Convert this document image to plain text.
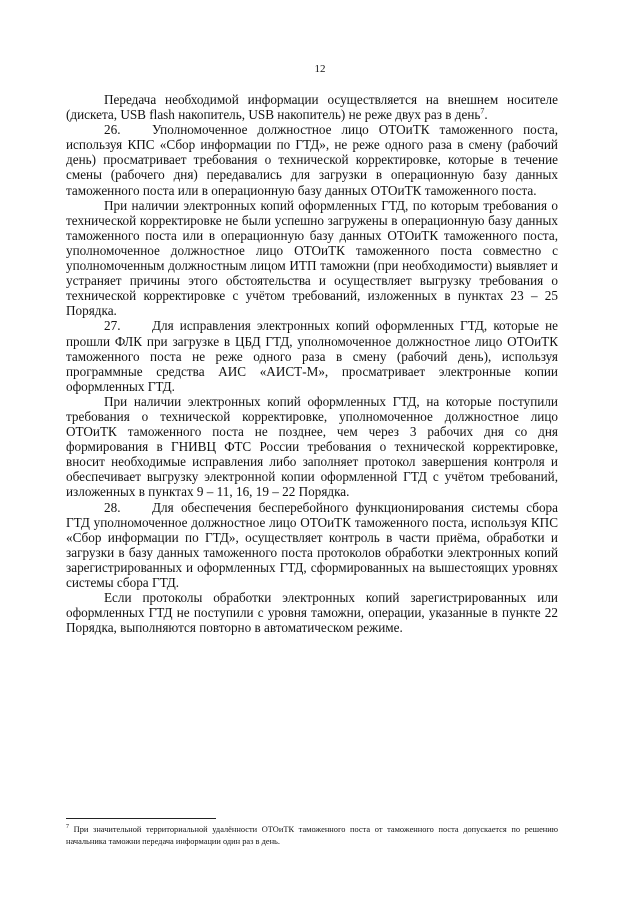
12

Передача необходимой информации осуществляется на внешнем носителе (дискета, USB flash накопитель, USB накопитель) не реже двух раз в день$^7$.

26. Уполномоченное должностное лицо ОТОиТК таможенного поста, используя КПС «Сбор информации по ГТД», не реже одного раза в смену (рабочий день) просматривает требования о технической корректировке, которые в течение смены (рабочего дня) передавались для загрузки в операционную базу данных таможенного поста или в операционную базу данных ОТОиТК таможенного поста.

При наличии электронных копий оформленных ГТД, по которым требования о технической корректировке не были успешно загружены в операционную базу данных таможенного поста или в операционную базу данных ОТОиТК таможенного поста, уполномоченное должностное лицо ОТОиТК таможенного поста совместно с уполномоченным должностным лицом ИТП таможни (при необходимости) выявляет и устраняет причины этого обстоятельства и осуществляет выгрузку требования о технической корректировке с учётом требований, изложенных в пунктах 23 – 25 Порядка.

27. Для исправления электронных копий оформленных ГТД, которые не прошли ФЛК при загрузке в ЦБД ГТД, уполномоченное должностное лицо ОТОиТК таможенного поста не реже одного раза в смену (рабочий день), используя программные средства АИС «АИСТ-М», просматривает электронные копии оформленных ГТД.

При наличии электронных копий оформленных ГТД, на которые поступили требования о технической корректировке, уполномоченное должностное лицо ОТОиТК таможенного поста не позднее, чем через 3 рабочих дня со дня формирования в ГНИВЦ ФТС России требования о технической корректировке, вносит необходимые исправления либо заполняет протокол завершения контроля и обеспечивает выгрузку электронной копии оформленной ГТД с учётом требований, изложенных в пунктах 9 – 11, 16, 19 – 22 Порядка.

28. Для обеспечения бесперебойного функционирования системы сбора ГТД уполномоченное должностное лицо ОТОиТК таможенного поста, используя КПС «Сбор информации по ГТД», осуществляет контроль в части приёма, обработки и загрузки в базу данных таможенного поста протоколов обработки электронных копий зарегистрированных и оформленных ГТД, сформированных на вышестоящих уровнях системы сбора ГТД.

Если протоколы обработки электронных копий зарегистрированных или оформленных ГТД не поступили с уровня таможни, операции, указанные в пункте 22 Порядка, выполняются повторно в автоматическом режиме.

$^7$ При значительной территориальной удалённости ОТОиТК таможенного поста от таможенного поста допускается по решению начальника таможни передача информации один раз в день.
